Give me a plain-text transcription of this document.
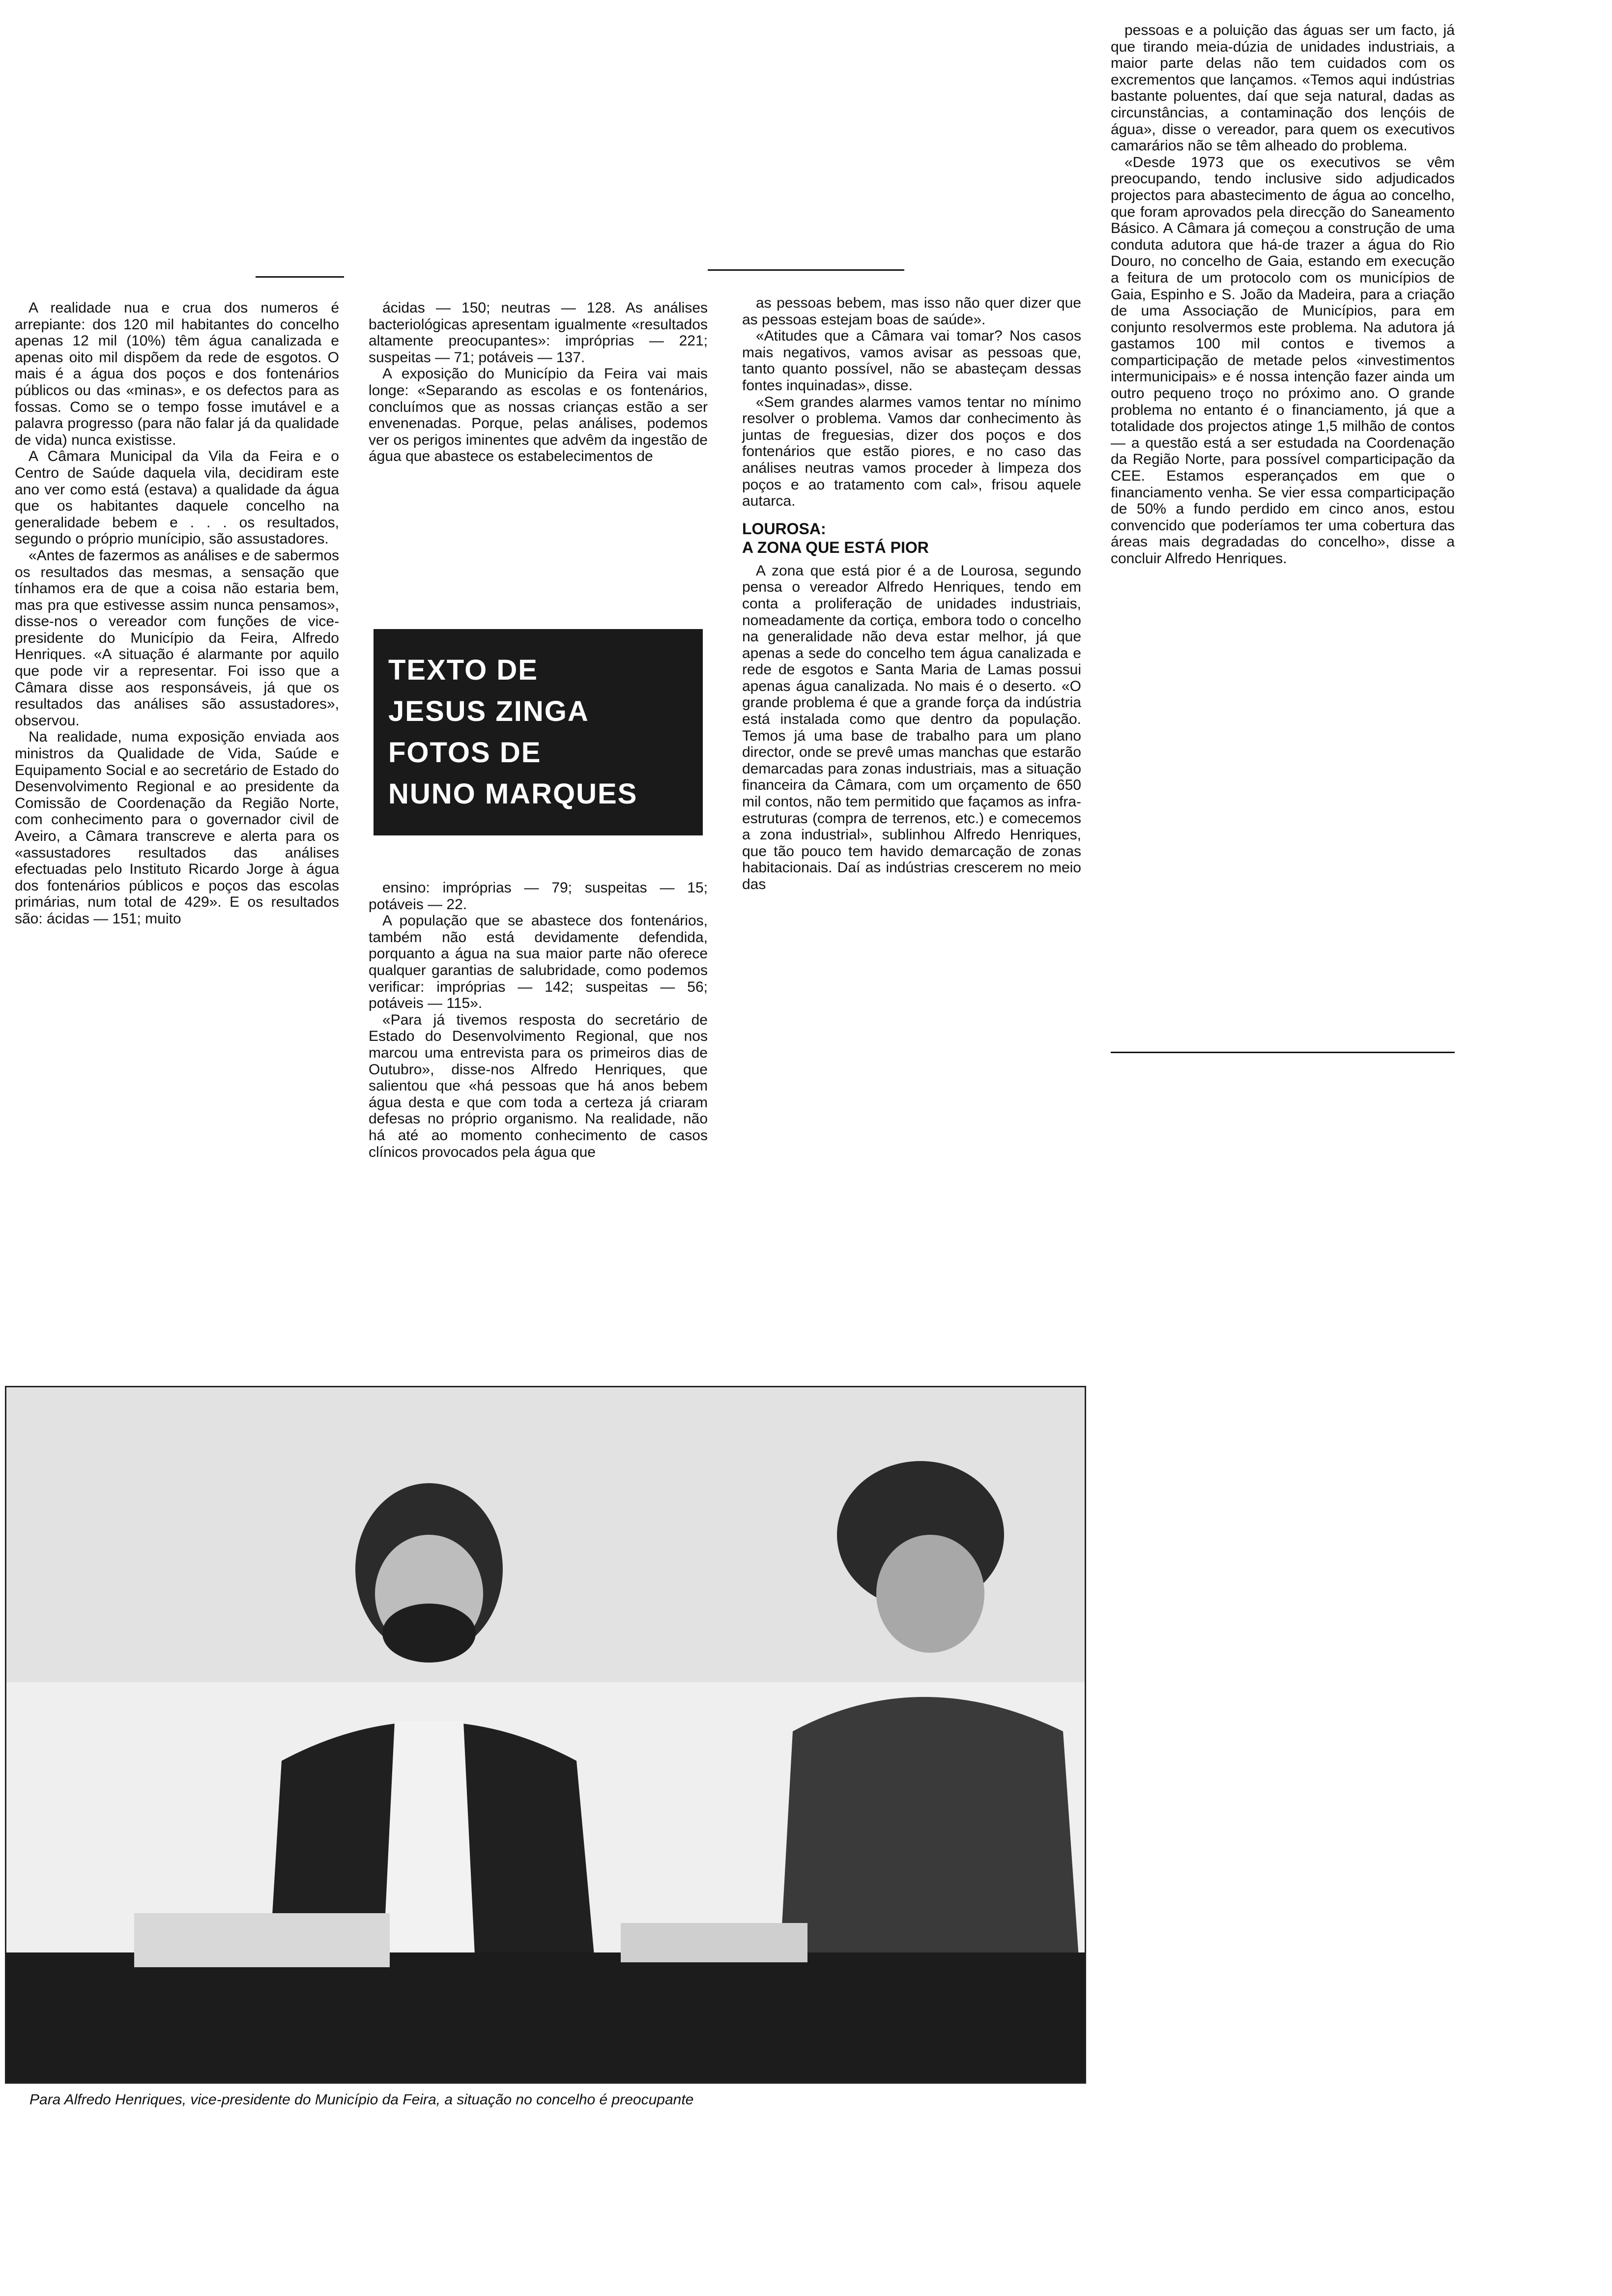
A realidade nua e crua dos numeros é arrepiante: dos 120 mil habitantes do concelho apenas 12 mil (10%) têm água canalizada e apenas oito mil dispõem da rede de esgotos. O mais é a água dos poços e dos fontenários públicos ou das «minas», e os defectos para as fossas. Como se o tempo fosse imutável e a palavra progresso (para não falar já da qualidade de vida) nunca existisse.

A Câmara Municipal da Vila da Feira e o Centro de Saúde daquela vila, decidiram este ano ver como está (estava) a qualidade da água que os habitantes daquele concelho na generalidade bebem e . . . os resultados, segundo o próprio munícipio, são assustadores.

«Antes de fazermos as análises e de sabermos os resultados das mesmas, a sensação que tínhamos era de que a coisa não estaria bem, mas pra que estivesse assim nunca pensamos», disse-nos o vereador com funções de vice-presidente do Município da Feira, Alfredo Henriques. «A situação é alarmante por aquilo que pode vir a representar. Foi isso que a Câmara disse aos responsáveis, já que os resultados das análises são assustadores», observou.

Na realidade, numa exposição enviada aos ministros da Qualidade de Vida, Saúde e Equipamento Social e ao secretário de Estado do Desenvolvimento Regional e ao presidente da Comissão de Coordenação da Região Norte, com conhecimento para o governador civil de Aveiro, a Câmara transcreve e alerta para os «assustadores resultados das análises efectuadas pelo Instituto Ricardo Jorge à água dos fontenários públicos e poços das escolas primárias, num total de 429». E os resultados são: ácidas — 151; muito

ácidas — 150; neutras — 128. As análises bacteriológicas apresentam igualmente «resultados altamente preocupantes»: impróprias — 221; suspeitas — 71; potáveis — 137.

A exposição do Município da Feira vai mais longe: «Separando as escolas e os fontenários, concluímos que as nossas crianças estão a ser envenenadas. Porque, pelas análises, podemos ver os perigos iminentes que advêm da ingestão de água que abastece os estabelecimentos de

TEXTO DE
JESUS ZINGA
FOTOS DE
NUNO MARQUES

ensino: impróprias — 79; suspeitas — 15; potáveis — 22.

A população que se abastece dos fontenários, também não está devidamente defendida, porquanto a água na sua maior parte não oferece qualquer garantias de salubridade, como podemos verificar: impróprias — 142; suspeitas — 56; potáveis — 115».

«Para já tivemos resposta do secretário de Estado do Desenvolvimento Regional, que nos marcou uma entrevista para os primeiros dias de Outubro», disse-nos Alfredo Henriques, que salientou que «há pessoas que há anos bebem água desta e que com toda a certeza já criaram defesas no próprio organismo. Na realidade, não há até ao momento conhecimento de casos clínicos provocados pela água que

as pessoas bebem, mas isso não quer dizer que as pessoas estejam boas de saúde».

«Atitudes que a Câmara vai tomar? Nos casos mais negativos, vamos avisar as pessoas que, tanto quanto possível, não se abasteçam dessas fontes inquinadas», disse.

«Sem grandes alarmes vamos tentar no mínimo resolver o problema. Vamos dar conhecimento às juntas de freguesias, dizer dos poços e dos fontenários que estão piores, e no caso das análises neutras vamos proceder à limpeza dos poços e ao tratamento com cal», frisou aquele autarca.

LOUROSA:
A ZONA QUE ESTÁ PIOR

A zona que está pior é a de Lourosa, segundo pensa o vereador Alfredo Henriques, tendo em conta a proliferação de unidades industriais, nomeadamente da cortiça, embora todo o concelho na generalidade não deva estar melhor, já que apenas a sede do concelho tem água canalizada e rede de esgotos e Santa Maria de Lamas possui apenas água canalizada. No mais é o deserto. «O grande problema é que a grande força da indústria está instalada como que dentro da população. Temos já uma base de trabalho para um plano director, onde se prevê umas manchas que estarão demarcadas para zonas industriais, mas a situação financeira da Câmara, com um orçamento de 650 mil contos, não tem permitido que façamos as infra-estruturas (compra de terrenos, etc.) e comecemos a zona industrial», sublinhou Alfredo Henriques, que tão pouco tem havido demarcação de zonas habitacionais. Daí as indústrias crescerem no meio das

pessoas e a poluição das águas ser um facto, já que tirando meia-dúzia de unidades industriais, a maior parte delas não tem cuidados com os excrementos que lançamos. «Temos aqui indústrias bastante poluentes, daí que seja natural, dadas as circunstâncias, a contaminação dos lençóis de água», disse o vereador, para quem os executivos camarários não se têm alheado do problema.

«Desde 1973 que os executivos se vêm preocupando, tendo inclusive sido adjudicados projectos para abastecimento de água ao concelho, que foram aprovados pela direcção do Saneamento Básico. A Câmara já começou a construção de uma conduta adutora que há-de trazer a água do Rio Douro, no concelho de Gaia, estando em execução a feitura de um protocolo com os municípios de Gaia, Espinho e S. João da Madeira, para a criação de uma Associação de Municípios, para em conjunto resolvermos este problema. Na adutora já gastamos 100 mil contos e tivemos a comparticipação de metade pelos «investimentos intermunicipais» e é nossa intenção fazer ainda um outro pequeno troço no próximo ano. O grande problema no entanto é o financiamento, já que a totalidade dos projectos atinge 1,5 milhão de contos — a questão está a ser estudada na Coordenação da Região Norte, para possível comparticipação da CEE. Estamos esperançados em que o financiamento venha. Se vier essa comparticipação de 50% a fundo perdido em cinco anos, estou convencido que poderíamos ter uma cobertura das áreas mais degradadas do concelho», disse a concluir Alfredo Henriques.

Para Alfredo Henriques, vice-presidente do Município da Feira, a situação no concelho é preocupante
